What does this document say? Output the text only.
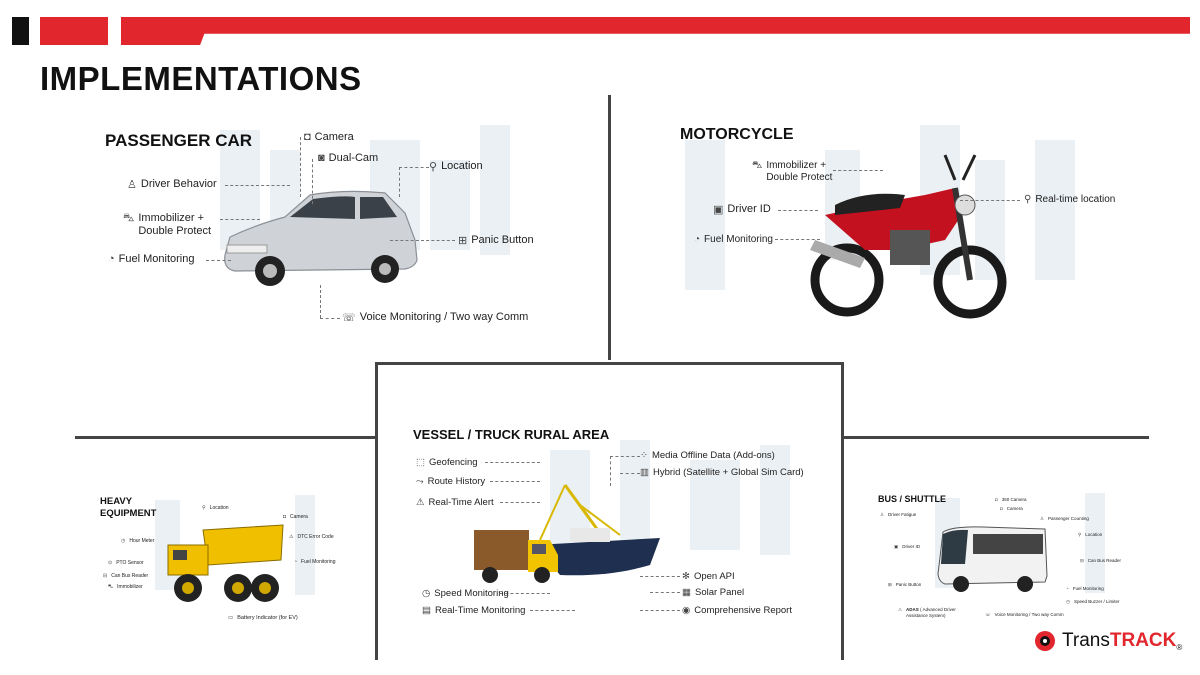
IMPLEMENTATIONS
PASSENGER CAR	◘ Camera
◙ Dual-Cam
⚲ Location
♙ Driver Behavior
⛍ Immobilizer +
Double Protect
⊞ Panic Button
◔ Fuel Monitoring
☏ Voice Monitoring / Two way Comm
MOTORCYCLE
⛍ Immobilizer +
Double Protect
▣ Driver ID
◔ Fuel Monitoring
⚲ Real-time location
VESSEL / TRUCK RURAL AREA
⬚ Geofencing
⤳ Route History
⚠ Real-Time Alert
⁘ Media Offline Data (Add-ons)
▥ Hybrid (Satellite + Global Sim Card)
◷ Speed Monitoring
▤ Real-Time Monitoring
✻ Open API
▦ Solar Panel
◉ Comprehensive Report
HEAVY
EQUIPMENT	⚲ Location
◘ Camera
◷ Hour Meter
⚠ DTC Error Code
⊙ PTO Sensor	◔ Fuel Monitoring
⊟ Can Bus Reader
⛍ Immobilizer
▭ Battery Indicator (for EV)
BUS / SHUTTLE	◘ 360 Camera
◘ Camera
♙ Driver Fatigue
♙ Passenger Counting
⚲ Location
▣ Driver ID
⊟ Can Bus Reader
⊞ Panic Button
◔ Fuel Monitoring
◷ Speed Buzzer / Limiter
⚠ ADAS ( Advanced Driver
Assistance System)	☏ Voice Monitoring / Two way Comm
TransTRACK®
